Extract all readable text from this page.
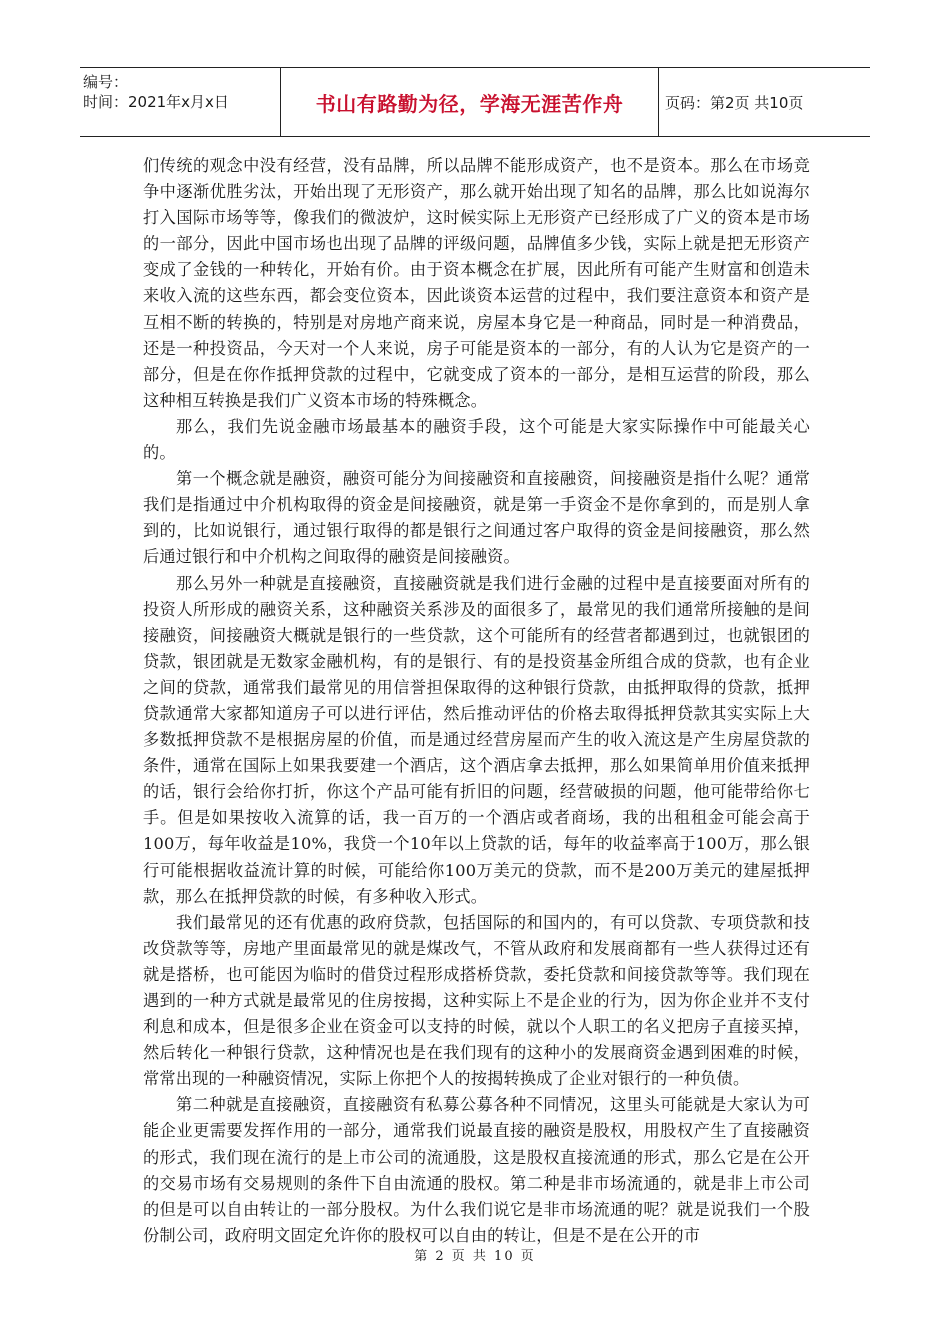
编号：
时间：2021年x月x日	书山有路勤为径，学海无涯苦作舟	页码：第2页 共10页

们传统的观念中没有经营，没有品牌，所以品牌不能形成资产，也不是资本。那么在市场竞争中逐渐优胜劣汰，开始出现了无形资产，那么就开始出现了知名的品牌，那么比如说海尔打入国际市场等等，像我们的微波炉，这时候实际上无形资产已经形成了广义的资本是市场的一部分，因此中国市场也出现了品牌的评级问题，品牌值多少钱，实际上就是把无形资产变成了金钱的一种转化，开始有价。由于资本概念在扩展，因此所有可能产生财富和创造未来收入流的这些东西，都会变位资本，因此谈资本运营的过程中，我们要注意资本和资产是互相不断的转换的，特别是对房地产商来说，房屋本身它是一种商品，同时是一种消费品，还是一种投资品，今天对一个人来说，房子可能是资本的一部分，有的人认为它是资产的一部分，但是在你作抵押贷款的过程中，它就变成了资本的一部分，是相互运营的阶段，那么这种相互转换是我们广义资本市场的特殊概念。

那么，我们先说金融市场最基本的融资手段，这个可能是大家实际操作中可能最关心的。

第一个概念就是融资，融资可能分为间接融资和直接融资，间接融资是指什么呢？通常我们是指通过中介机构取得的资金是间接融资，就是第一手资金不是你拿到的，而是别人拿到的，比如说银行，通过银行取得的都是银行之间通过客户取得的资金是间接融资，那么然后通过银行和中介机构之间取得的融资是间接融资。

那么另外一种就是直接融资，直接融资就是我们进行金融的过程中是直接要面对所有的投资人所形成的融资关系，这种融资关系涉及的面很多了，最常见的我们通常所接触的是间接融资，间接融资大概就是银行的一些贷款，这个可能所有的经营者都遇到过，也就银团的贷款，银团就是无数家金融机构，有的是银行、有的是投资基金所组合成的贷款，也有企业之间的贷款，通常我们最常见的用信誉担保取得的这种银行贷款，由抵押取得的贷款，抵押贷款通常大家都知道房子可以进行评估，然后推动评估的价格去取得抵押贷款其实实际上大多数抵押贷款不是根据房屋的价值，而是通过经营房屋而产生的收入流这是产生房屋贷款的条件，通常在国际上如果我要建一个酒店，这个酒店拿去抵押，那么如果简单用价值来抵押的话，银行会给你打折，你这个产品可能有折旧的问题，经营破损的问题，他可能带给你七手。但是如果按收入流算的话，我一百万的一个酒店或者商场，我的出租租金可能会高于100万，每年收益是10%，我贷一个10年以上贷款的话，每年的收益率高于100万，那么银行可能根据收益流计算的时候，可能给你100万美元的贷款，而不是200万美元的建屋抵押款，那么在抵押贷款的时候，有多种收入形式。

我们最常见的还有优惠的政府贷款，包括国际的和国内的，有可以贷款、专项贷款和技改贷款等等，房地产里面最常见的就是煤改气，不管从政府和发展商都有一些人获得过还有就是搭桥，也可能因为临时的借贷过程形成搭桥贷款，委托贷款和间接贷款等等。我们现在遇到的一种方式就是最常见的住房按揭，这种实际上不是企业的行为，因为你企业并不支付利息和成本，但是很多企业在资金可以支持的时候，就以个人职工的名义把房子直接买掉，然后转化一种银行贷款，这种情况也是在我们现有的这种小的发展商资金遇到困难的时候，常常出现的一种融资情况，实际上你把个人的按揭转换成了企业对银行的一种负债。

第二种就是直接融资，直接融资有私募公募各种不同情况，这里头可能就是大家认为可能企业更需要发挥作用的一部分，通常我们说最直接的融资是股权，用股权产生了直接融资的形式，我们现在流行的是上市公司的流通股，这是股权直接流通的形式，那么它是在公开的交易市场有交易规则的条件下自由流通的股权。第二种是非市场流通的，就是非上市公司的但是可以自由转让的一部分股权。为什么我们说它是非市场流通的呢？就是说我们一个股份制公司，政府明文固定允许你的股权可以自由的转让，但是不是在公开的市

第 2 页 共 10 页
